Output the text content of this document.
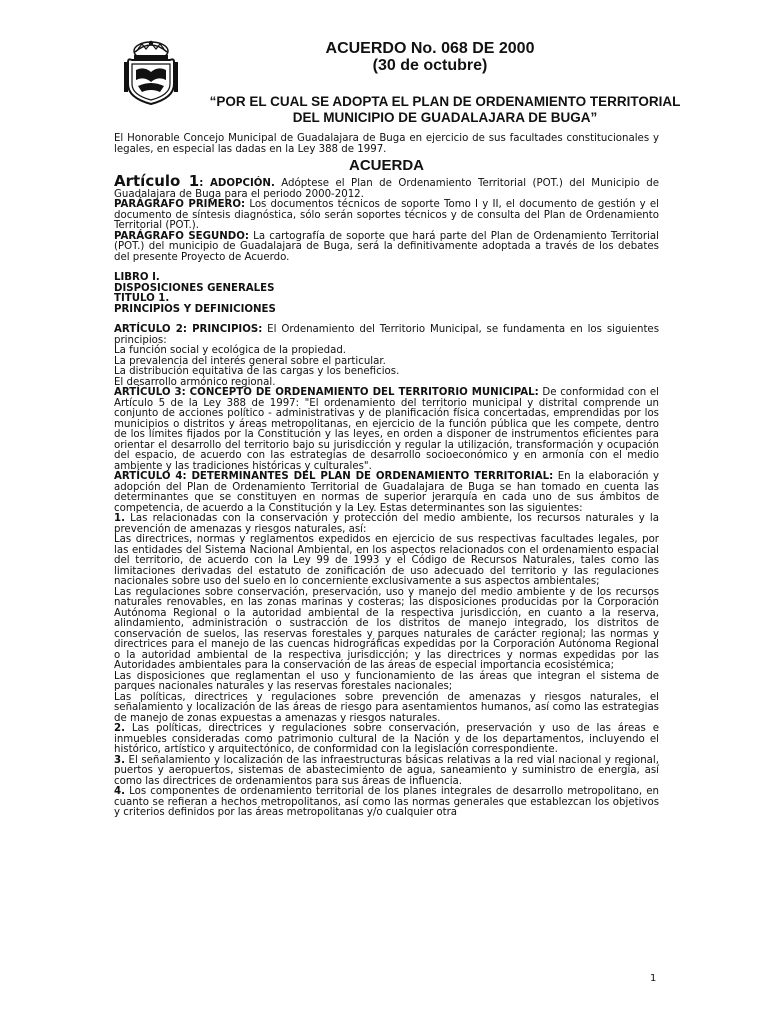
ACUERDO No. 068 DE 2000
(30 de octubre)
“POR EL CUAL SE ADOPTA EL PLAN DE ORDENAMIENTO TERRITORIAL DEL MUNICIPIO DE GUADALAJARA DE BUGA”

El Honorable Concejo Municipal de Guadalajara de Buga en ejercicio de sus facultades constitucionales y legales, en especial las dadas en la Ley 388 de 1997.

ACUERDA

Artículo 1: ADOPCIÓN. Adóptese el Plan de Ordenamiento Territorial (POT.) del Municipio de Guadalajara de Buga para el periodo 2000-2012.

PARÁGRAFO PRIMERO: Los documentos técnicos de soporte Tomo I y II, el documento de gestión y el documento de síntesis diagnóstica, sólo serán soportes técnicos y de consulta del Plan de Ordenamiento Territorial (POT.).

PARÁGRAFO SEGUNDO: La cartografía de soporte que hará parte del Plan de Ordenamiento Territorial (POT.) del municipio de Guadalajara de Buga, será la definitivamente adoptada a través de los debates del presente Proyecto de Acuerdo.

LIBRO I.

DISPOSICIONES GENERALES

TITULO 1.

PRINCIPIOS Y DEFINICIONES

ARTÍCULO 2: PRINCIPIOS: El Ordenamiento del Territorio Municipal, se fundamenta en los siguientes principios:

La función social y ecológica de la propiedad.

La prevalencia del interés general sobre el particular.

La distribución equitativa de las cargas y los beneficios.

El desarrollo armónico regional.

ARTÍCULO 3: CONCEPTO DE ORDENAMIENTO DEL TERRITORIO MUNICIPAL: De conformidad con el Artículo 5 de la Ley 388 de 1997: "El ordenamiento del territorio municipal y distrital comprende un conjunto de acciones político - administrativas y de planificación física concertadas, emprendidas por los municipios o distritos y áreas metropolitanas, en ejercicio de la función pública que les compete, dentro de los límites fijados por la Constitución y las leyes, en orden a disponer de instrumentos eficientes para orientar el desarrollo del territorio bajo su jurisdicción y regular la utilización, transformación y ocupación del espacio, de acuerdo con las estrategias de desarrollo socioeconómico y en armonía con el medio ambiente y las tradiciones históricas y culturales".

ARTÍCULO 4: DETERMINANTES DEL PLAN DE ORDENAMIENTO TERRITORIAL: En la elaboración y adopción del Plan de Ordenamiento Territorial de Guadalajara de Buga se han tomado en cuenta las determinantes que se constituyen en normas de superior jerarquía en cada uno de sus ámbitos de competencia, de acuerdo a la Constitución y la Ley. Estas determinantes son las siguientes:

1. Las relacionadas con la conservación y protección del medio ambiente, los recursos naturales y la prevención de amenazas y riesgos naturales, así:

Las directrices, normas y reglamentos expedidos en ejercicio de sus respectivas facultades legales, por las entidades del Sistema Nacional Ambiental, en los aspectos relacionados con el ordenamiento espacial del territorio, de acuerdo con la Ley 99 de 1993 y el Código de Recursos Naturales, tales como las limitaciones derivadas del estatuto de zonificación de uso adecuado del territorio y las regulaciones nacionales sobre uso del suelo en lo concerniente exclusivamente a sus aspectos ambientales;

Las regulaciones sobre conservación, preservación, uso y manejo del medio ambiente y de los recursos naturales renovables, en las zonas marinas y costeras; las disposiciones producidas por la Corporación Autónoma Regional o la autoridad ambiental de la respectiva jurisdicción, en cuanto a la reserva, alindamiento, administración o sustracción de los distritos de manejo integrado, los distritos de conservación de suelos, las reservas forestales y parques naturales de carácter regional; las normas y directrices para el manejo de las cuencas hidrográficas expedidas por la Corporación Autónoma Regional o la autoridad ambiental de la respectiva jurisdicción; y las directrices y normas expedidas por las Autoridades ambientales para la conservación de las áreas de especial importancia ecosistémica;

Las disposiciones que reglamentan el uso y funcionamiento de las áreas que integran el sistema de parques nacionales naturales y las reservas forestales nacionales;

Las políticas, directrices y regulaciones sobre prevención de amenazas y riesgos naturales, el señalamiento y localización de las áreas de riesgo para asentamientos humanos, así como las estrategias de manejo de zonas expuestas a amenazas y riesgos naturales.

2. Las políticas, directrices y regulaciones sobre conservación, preservación y uso de las áreas e inmuebles consideradas como patrimonio cultural de la Nación y de los departamentos, incluyendo el histórico, artístico y arquitectónico, de conformidad con la legislación correspondiente.

3. El señalamiento y localización de las infraestructuras básicas relativas a la red vial nacional y regional, puertos y aeropuertos, sistemas de abastecimiento de agua, saneamiento y suministro de energía, así como las directrices de ordenamientos para sus áreas de influencia.

4. Los componentes de ordenamiento territorial de los planes integrales de desarrollo metropolitano, en cuanto se refieran a hechos metropolitanos, así como las normas generales que establezcan los objetivos y criterios definidos por las áreas metropolitanas y/o cualquier otra

1
